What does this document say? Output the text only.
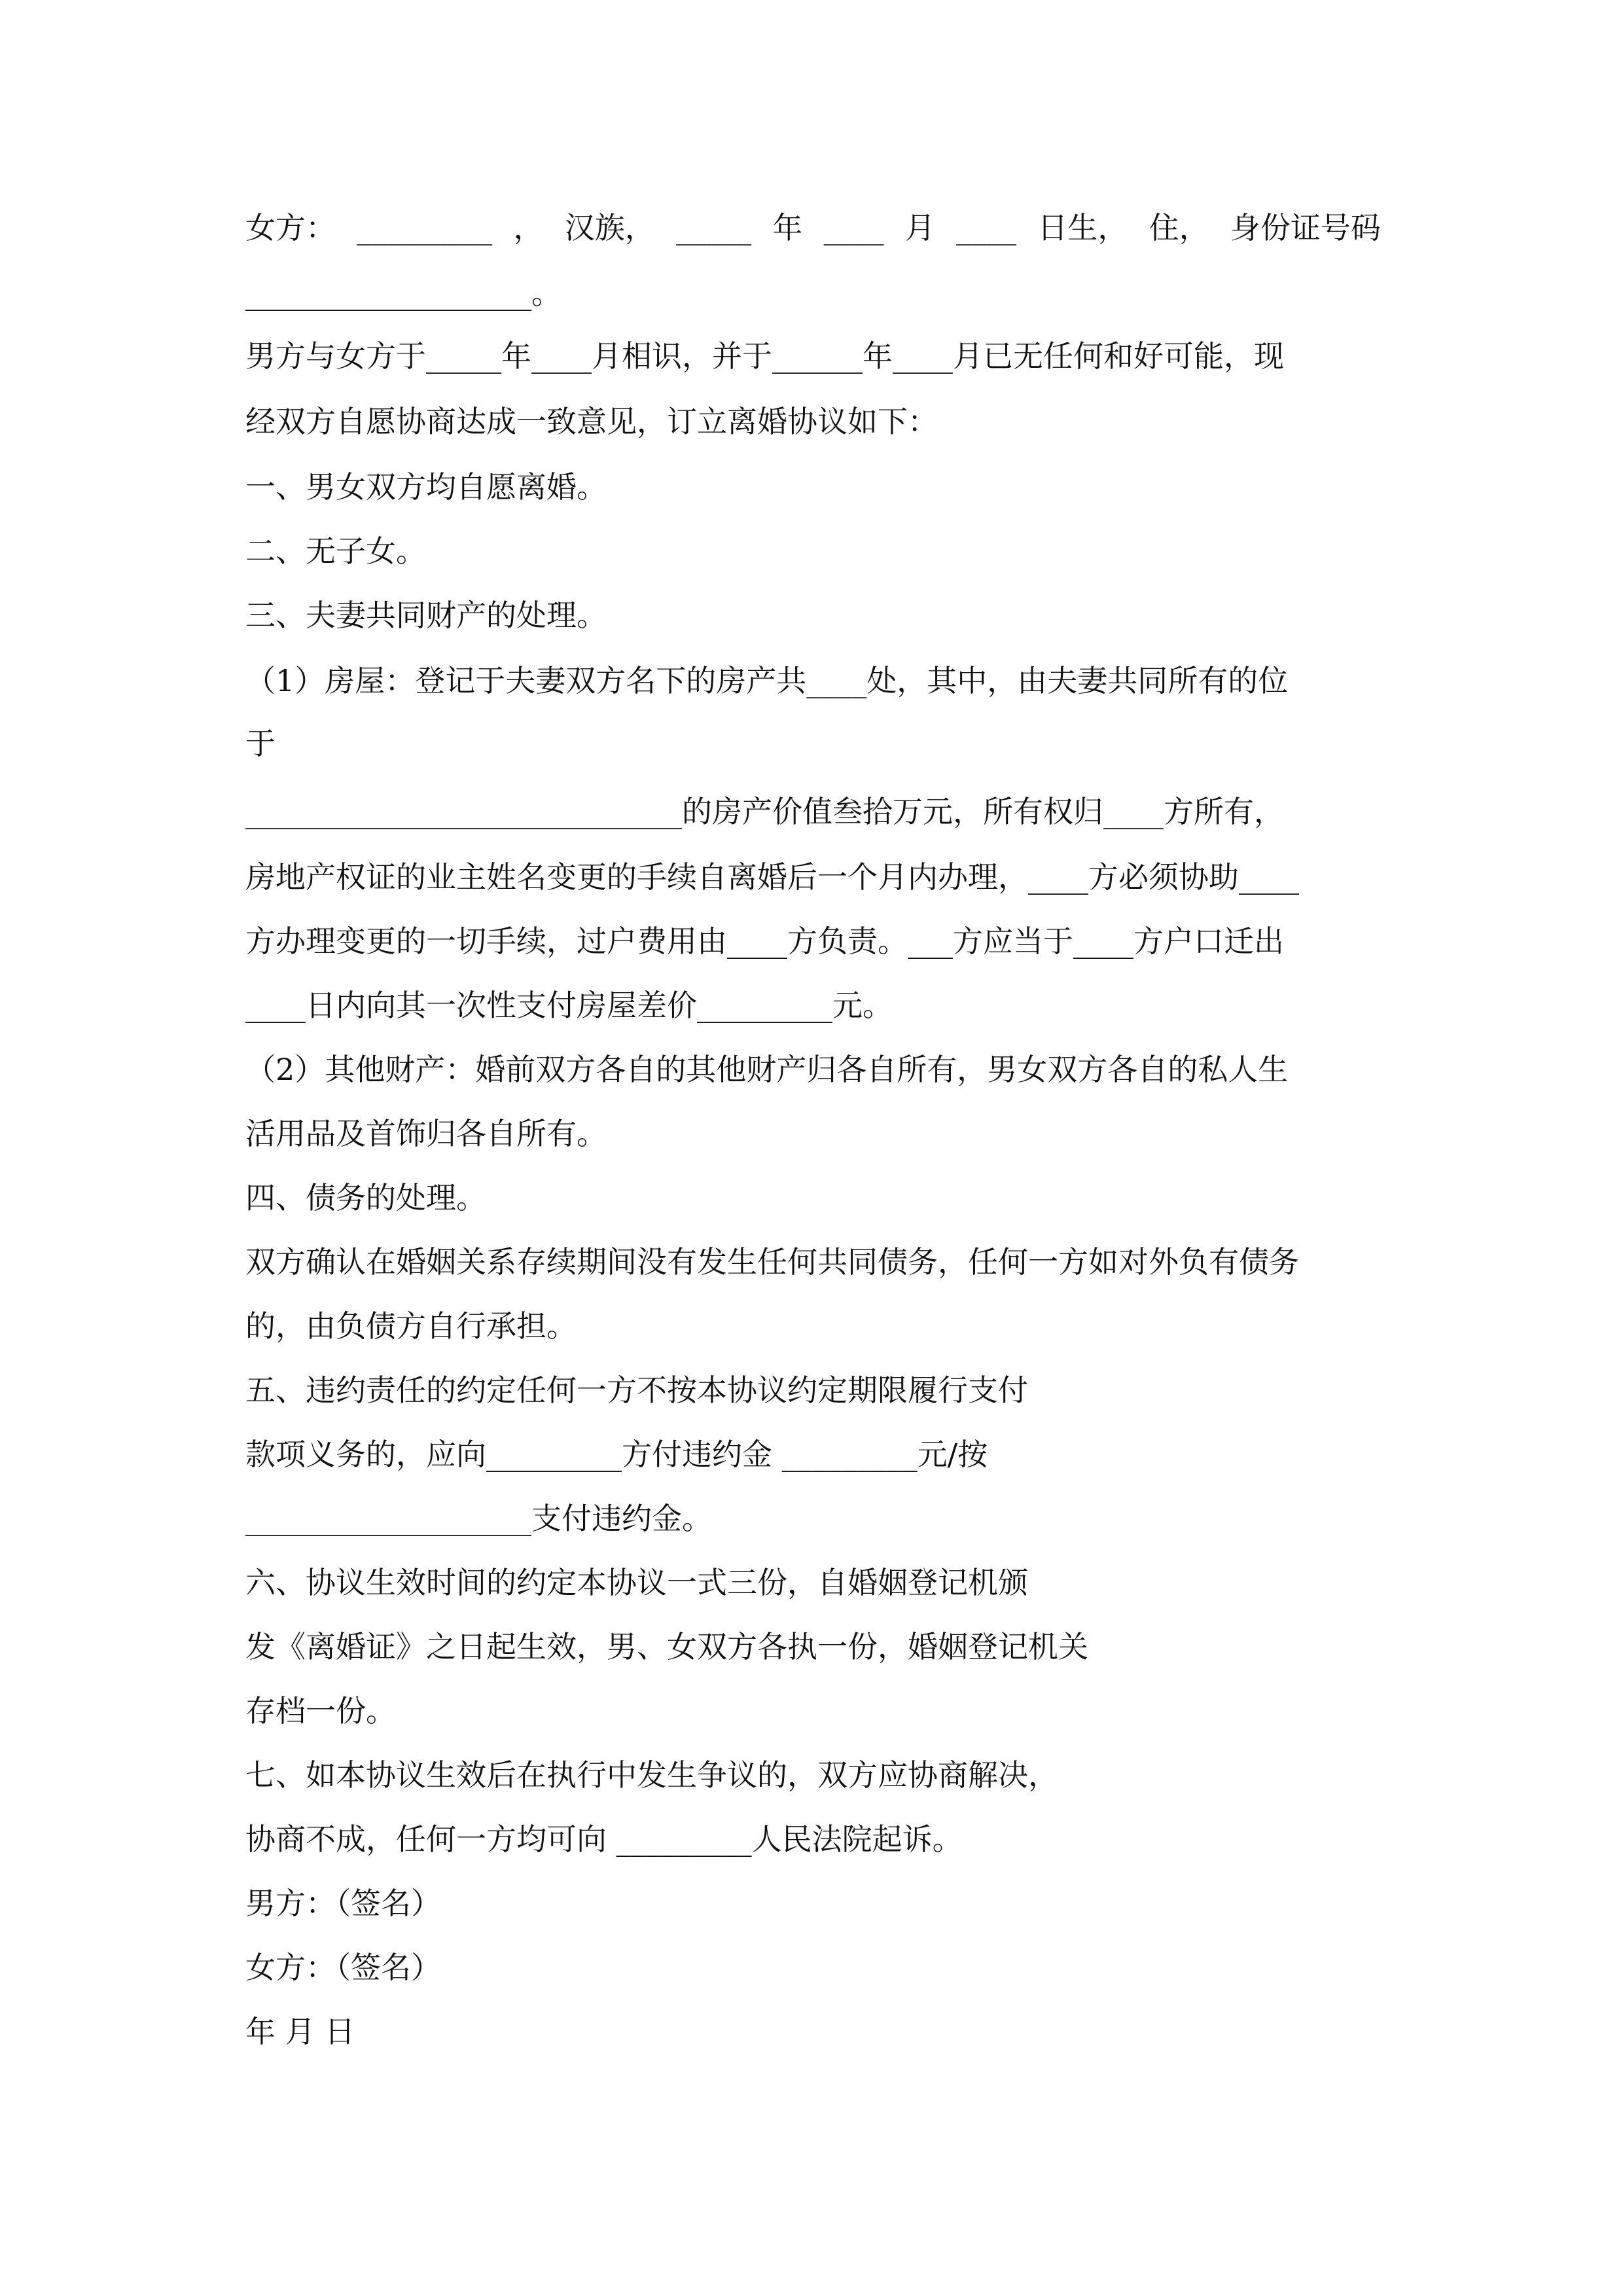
女方： _________ ， 汉族， _____ 年 ____ 月 ____ 日生， 住， 身份证号码
___________________。
男方与女方于_____年____月相识，并于______年____月已无任何和好可能，现
经双方自愿协商达成一致意见，订立离婚协议如下：
一、男女双方均自愿离婚。
二、无子女。
三、夫妻共同财产的处理。
（1）房屋：登记于夫妻双方名下的房产共____处，其中，由夫妻共同所有的位
于
_____________________________的房产价值叁拾万元，所有权归____方所有，
房地产权证的业主姓名变更的手续自离婚后一个月内办理，____方必须协助____
方办理变更的一切手续，过户费用由____方负责。___方应当于____方户口迁出
____日内向其一次性支付房屋差价_________元。
（2）其他财产：婚前双方各自的其他财产归各自所有，男女双方各自的私人生
活用品及首饰归各自所有。
四、债务的处理。
双方确认在婚姻关系存续期间没有发生任何共同债务，任何一方如对外负有债务
的，由负债方自行承担。
五、违约责任的约定任何一方不按本协议约定期限履行支付
款项义务的，应向_________方付违约金 _________元/按
___________________支付违约金。
六、协议生效时间的约定本协议一式三份，自婚姻登记机颁
发《离婚证》之日起生效，男、女双方各执一份，婚姻登记机关
存档一份。
七、如本协议生效后在执行中发生争议的，双方应协商解决，
协商不成，任何一方均可向 _________人民法院起诉。
男方：（签名）
女方：（签名）
年 月 日
